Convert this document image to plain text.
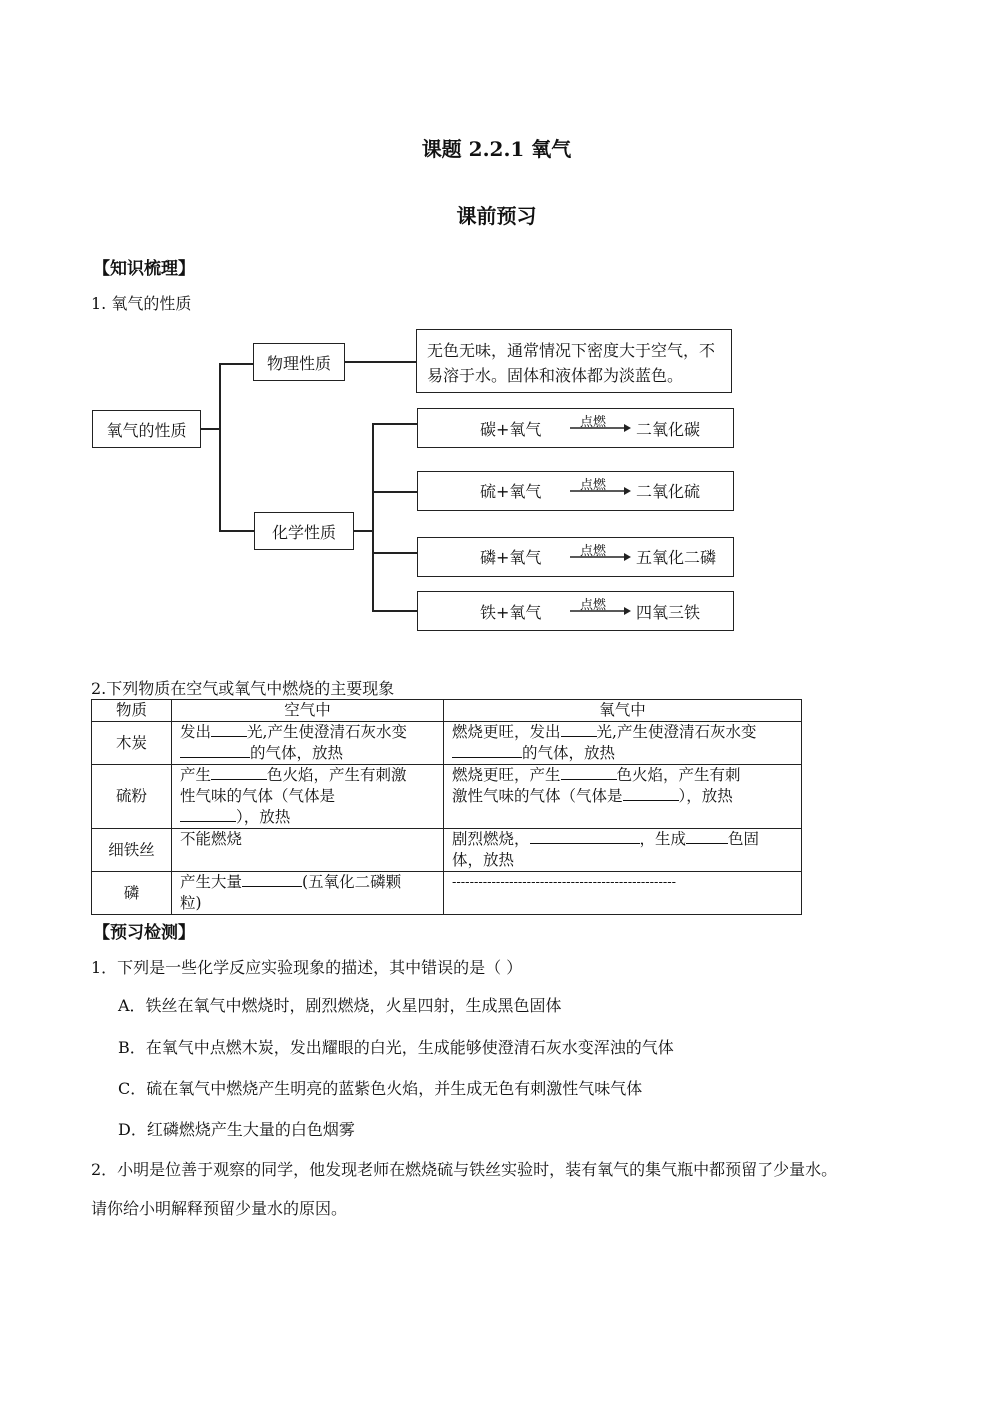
课题 2.2.1 氧气
课前预习
【知识梳理】
1. 氧气的性质
氧气的性质
物理性质
无色无味，通常情况下密度大于空气，不
易溶于水。固体和液体都为淡蓝色。
化学性质
碳+氧气	点燃 → 二氧化碳
硫+氧气	点燃 → 二氧化硫
磷+氧气	点燃 → 五氧化二磷
铁+氧气	点燃 → 四氧三铁
2.下列物质在空气或氧气中燃烧的主要现象
物质	空气中	氧气中
木炭	发出 光,产生使澄清石灰水变
的气体，放热	燃烧更旺，发出 光,产生使澄清石灰水变
的气体，放热
硫粉	产生 色火焰，产生有刺激
性气味的气体（气体是
），放热	燃烧更旺，产生 色火焰，产生有刺
激性气味的气体（气体是 ），放热
细铁丝	不能燃烧	剧烈燃烧， ，生成 色固
体，放热
磷	产生大量 (五氧化二磷颗
粒)	---------------------------------------------------
【预习检测】
1．下列是一些化学反应实验现象的描述，其中错误的是（ ）
A．铁丝在氧气中燃烧时，剧烈燃烧，火星四射，生成黑色固体
B．在氧气中点燃木炭，发出耀眼的白光，生成能够使澄清石灰水变浑浊的气体
C．硫在氧气中燃烧产生明亮的蓝紫色火焰，并生成无色有刺激性气味气体
D．红磷燃烧产生大量的白色烟雾
2．小明是位善于观察的同学，他发现老师在燃烧硫与铁丝实验时，装有氧气的集气瓶中都预留了少量水。
请你给小明解释预留少量水的原因。
